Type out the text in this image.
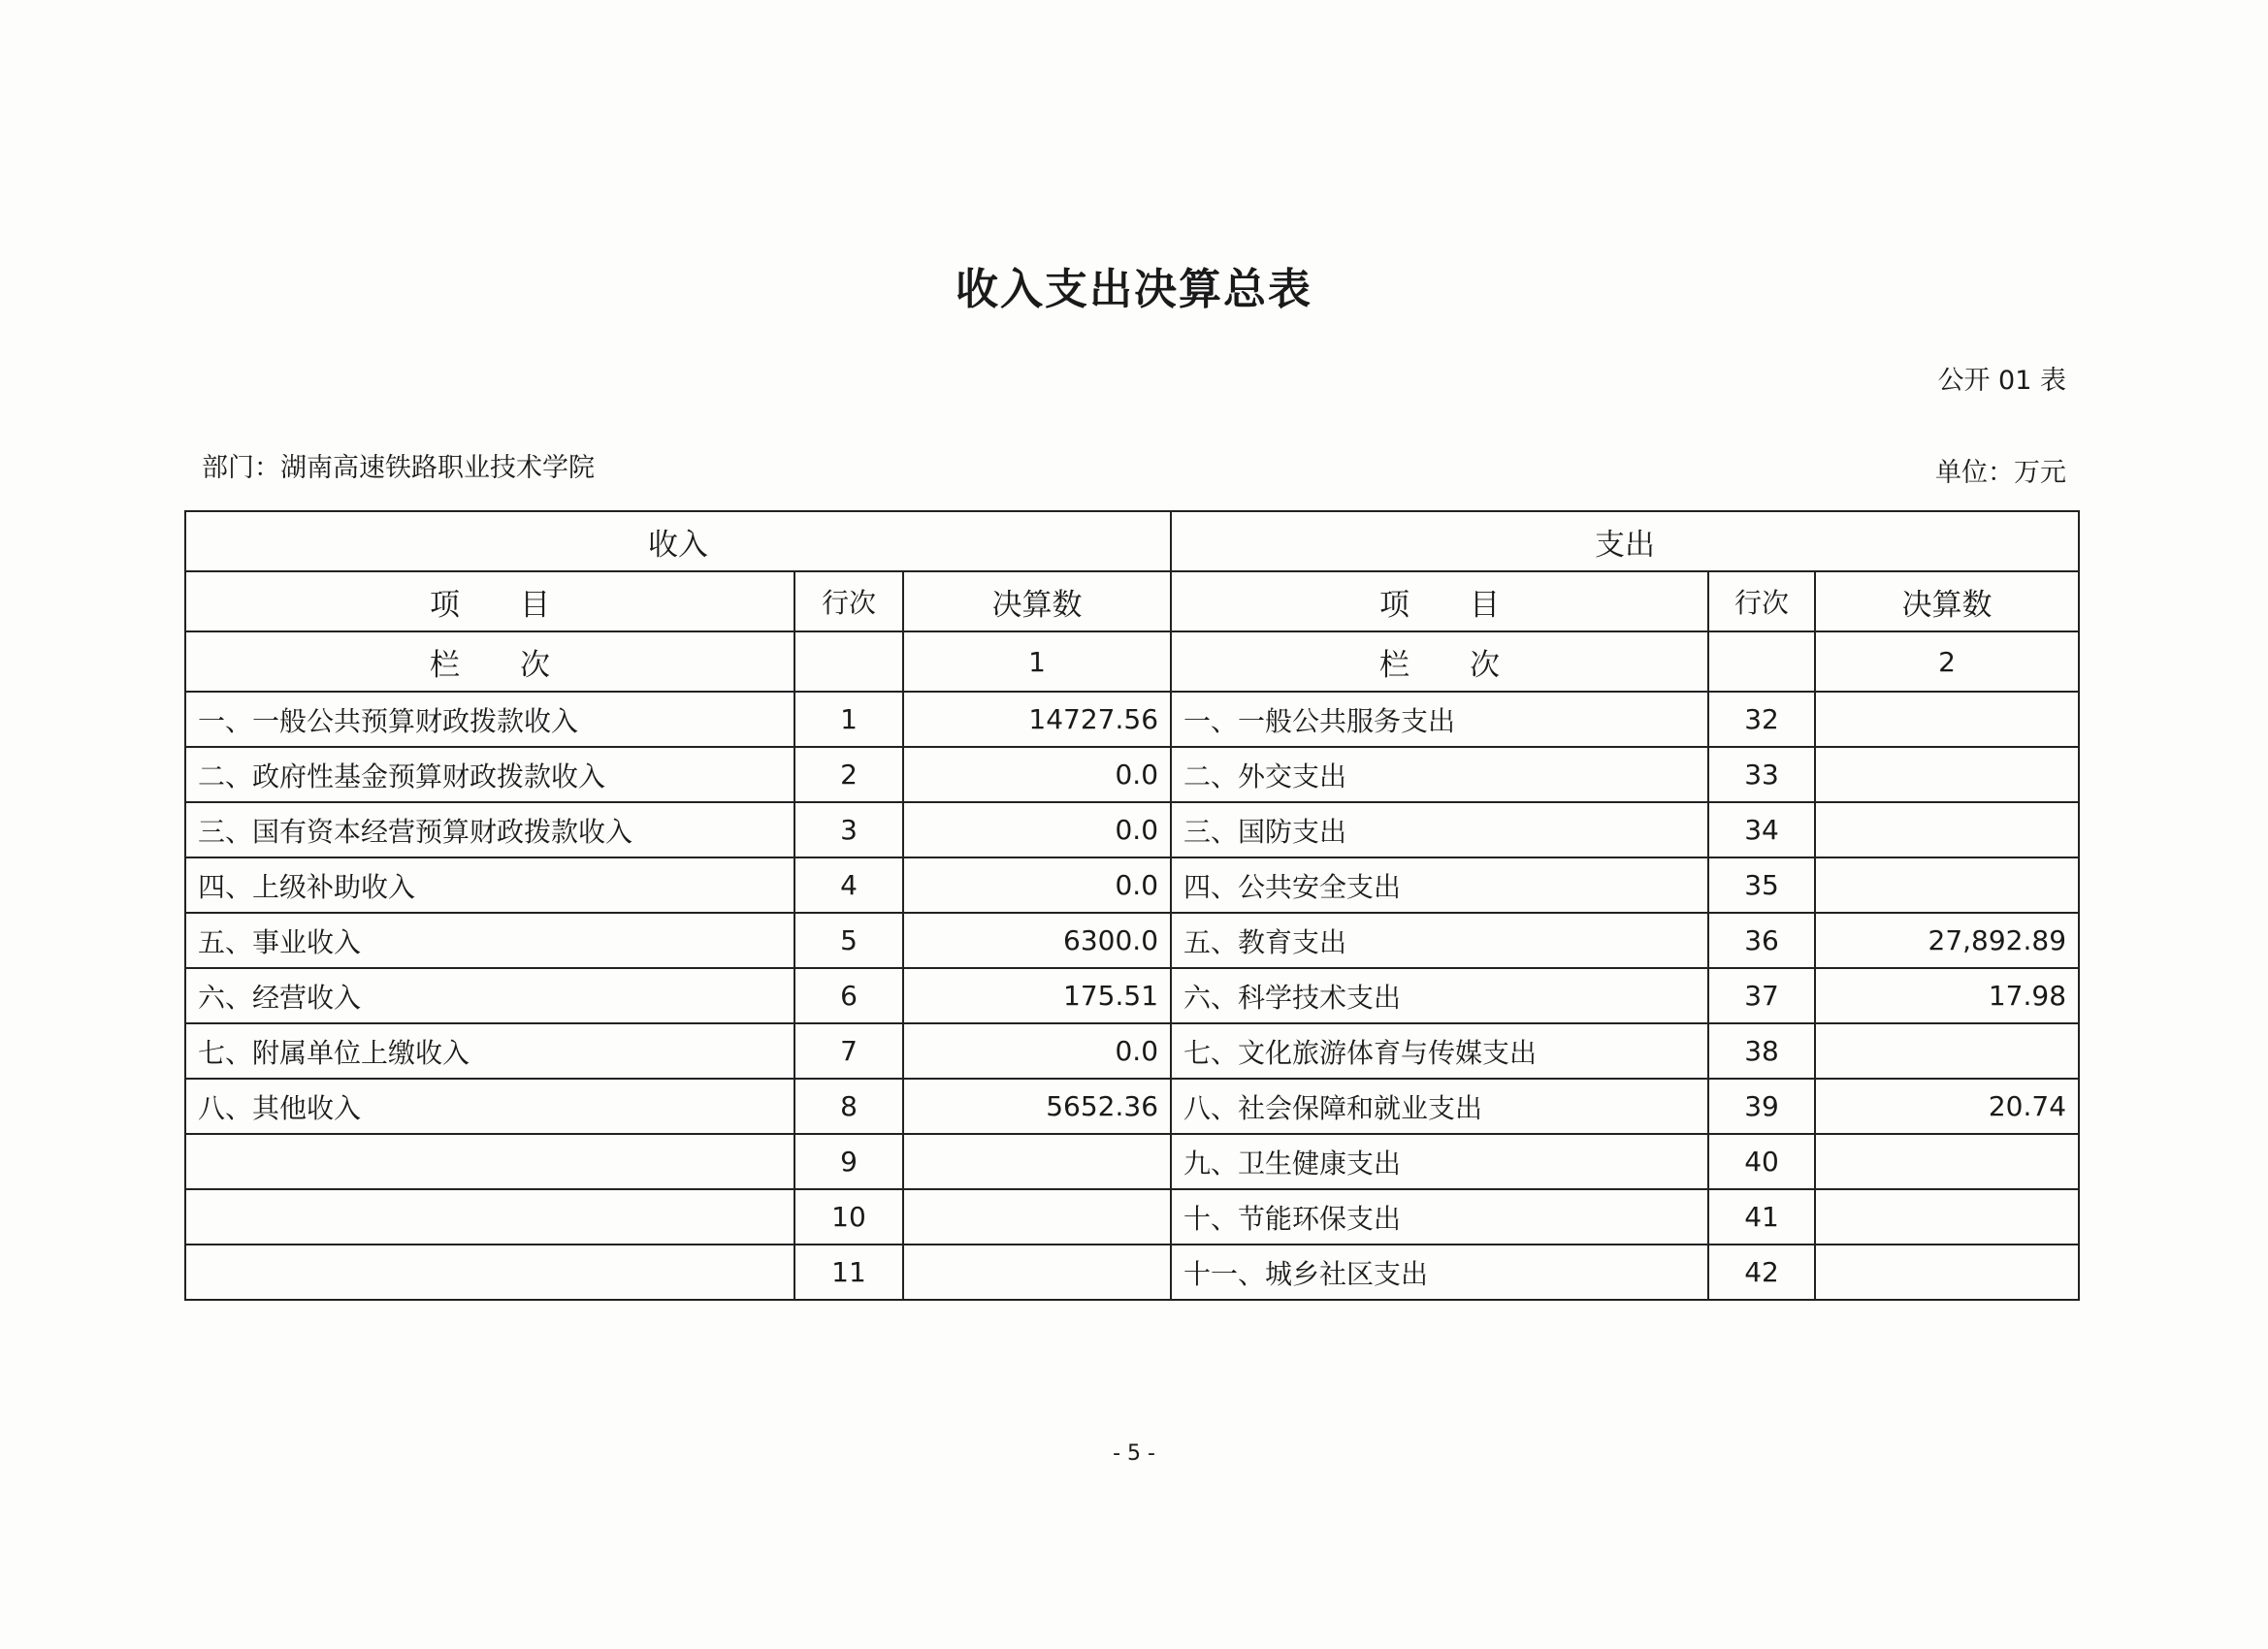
收入支出决算总表
公开 01 表
部门：湖南高速铁路职业技术学院	单位：万元
收入			支出		
项　　目	行次	决算数	项　　目	行次	决算数
栏　　次		1	栏　　次		2
一、一般公共预算财政拨款收入	1	14727.56	一、一般公共服务支出	32	
二、政府性基金预算财政拨款收入	2	0.0	二、外交支出	33	
三、国有资本经营预算财政拨款收入	3	0.0	三、国防支出	34	
四、上级补助收入	4	0.0	四、公共安全支出	35	
五、事业收入	5	6300.0	五、教育支出	36	27,892.89
六、经营收入	6	175.51	六、科学技术支出	37	17.98
七、附属单位上缴收入	7	0.0	七、文化旅游体育与传媒支出	38	
八、其他收入	8	5652.36	八、社会保障和就业支出	39	20.74
	9		九、卫生健康支出	40	
	10		十、节能环保支出	41	
	11		十一、城乡社区支出	42	
- 5 -
